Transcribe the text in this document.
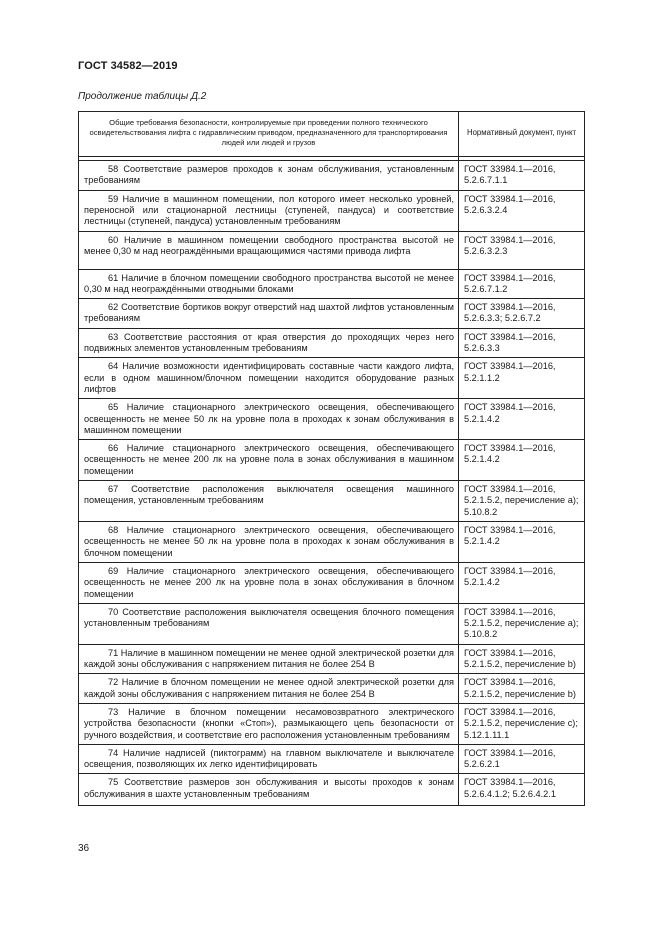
ГОСТ 34582—2019
Продолжение таблицы Д.2
Общие требования безопасности, контролируемые при проведении полного технического освидетельствования лифта с гидравлическим приводом, предназначенного для транспортирования людей или людей и грузов	Нормативный документ, пункт

58 Соответствие размеров проходов к зонам обслуживания, установленным требованиям	ГОСТ 33984.1—2016, 5.2.6.7.1.1
59 Наличие в машинном помещении, пол которого имеет несколько уровней, переносной или стационарной лестницы (ступеней, пандуса) и соответствие лестницы (ступеней, пандуса) установленным требованиям	ГОСТ 33984.1—2016, 5.2.6.3.2.4
60 Наличие в машинном помещении свободного пространства высотой не менее 0,30 м над неограждёнными вращающимися частями привода лифта	ГОСТ 33984.1—2016, 5.2.6.3.2.3
61 Наличие в блочном помещении свободного пространства высотой не менее 0,30 м над неограждёнными отводными блоками	ГОСТ 33984.1—2016, 5.2.6.7.1.2
62 Соответствие бортиков вокруг отверстий над шахтой лифтов установленным требованиям	ГОСТ 33984.1—2016, 5.2.6.3.3; 5.2.6.7.2
63 Соответствие расстояния от края отверстия до проходящих через него подвижных элементов установленным требованиям	ГОСТ 33984.1—2016, 5.2.6.3.3
64 Наличие возможности идентифицировать составные части каждого лифта, если в одном машинном/блочном помещении находится оборудование разных лифтов	ГОСТ 33984.1—2016, 5.2.1.1.2
65 Наличие стационарного электрического освещения, обеспечивающего освещенность не менее 50 лк на уровне пола в проходах к зонам обслуживания в машинном помещении	ГОСТ 33984.1—2016, 5.2.1.4.2
66 Наличие стационарного электрического освещения, обеспечивающего освещенность не менее 200 лк на уровне пола в зонах обслуживания в машинном помещении	ГОСТ 33984.1—2016, 5.2.1.4.2
67 Соответствие расположения выключателя освещения машинного помещения, установленным требованиям	ГОСТ 33984.1—2016, 5.2.1.5.2, перечисление a); 5.10.8.2
68 Наличие стационарного электрического освещения, обеспечивающего освещенность не менее 50 лк на уровне пола в проходах к зонам обслуживания в блочном помещении	ГОСТ 33984.1—2016, 5.2.1.4.2
69 Наличие стационарного электрического освещения, обеспечивающего освещенность не менее 200 лк на уровне пола в зонах обслуживания в блочном помещении	ГОСТ 33984.1—2016, 5.2.1.4.2
70 Соответствие расположения выключателя освещения блочного помещения установленным требованиям	ГОСТ 33984.1—2016, 5.2.1.5.2, перечисление a); 5.10.8.2
71 Наличие в машинном помещении не менее одной электрической розетки для каждой зоны обслуживания с напряжением питания не более 254 В	ГОСТ 33984.1—2016, 5.2.1.5.2, перечисление b)
72 Наличие в блочном помещении не менее одной электрической розетки для каждой зоны обслуживания с напряжением питания не более 254 В	ГОСТ 33984.1—2016, 5.2.1.5.2, перечисление b)
73 Наличие в блочном помещении несамовозвратного электрического устройства безопасности (кнопки «Стоп»), размыкающего цепь безопасности от ручного воздействия, и соответствие его расположения установленным требованиям	ГОСТ 33984.1—2016, 5.2.1.5.2, перечисление c); 5.12.1.11.1
74 Наличие надписей (пиктограмм) на главном выключателе и выключателе освещения, позволяющих их легко идентифицировать	ГОСТ 33984.1—2016, 5.2.6.2.1
75 Соответствие размеров зон обслуживания и высоты проходов к зонам обслуживания в шахте установленным требованиям	ГОСТ 33984.1—2016, 5.2.6.4.1.2; 5.2.6.4.2.1
36
